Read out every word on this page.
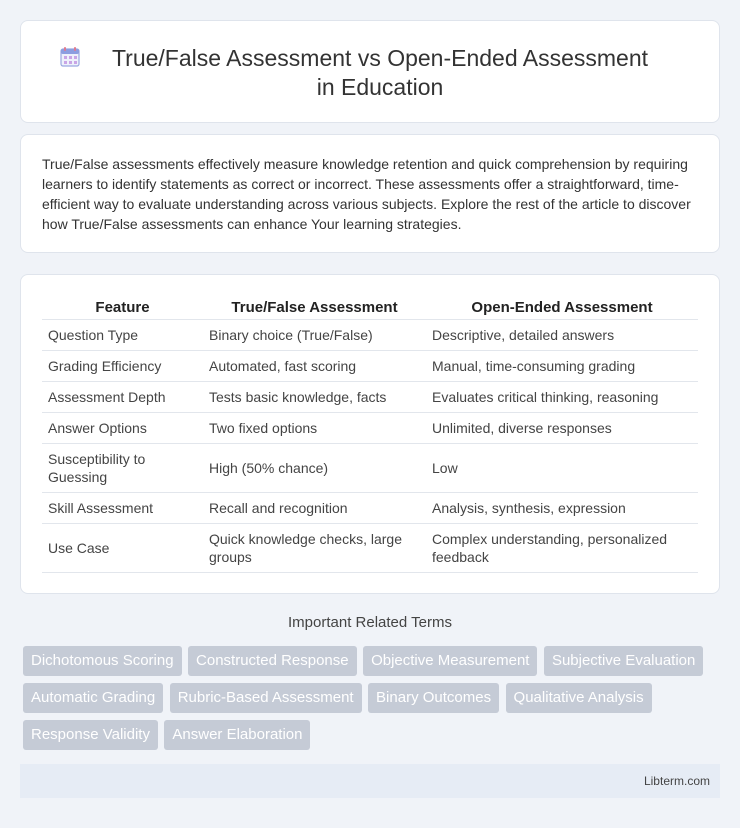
True/False Assessment vs Open-Ended Assessment in Education

True/False assessments effectively measure knowledge retention and quick comprehension by requiring learners to identify statements as correct or incorrect. These assessments offer a straightforward, time-efficient way to evaluate understanding across various subjects. Explore the rest of the article to discover how True/False assessments can enhance Your learning strategies.

Feature	True/False Assessment	Open-Ended Assessment
Question Type	Binary choice (True/False)	Descriptive, detailed answers
Grading Efficiency	Automated, fast scoring	Manual, time-consuming grading
Assessment Depth	Tests basic knowledge, facts	Evaluates critical thinking, reasoning
Answer Options	Two fixed options	Unlimited, diverse responses
Susceptibility to Guessing	High (50% chance)	Low
Skill Assessment	Recall and recognition	Analysis, synthesis, expression
Use Case	Quick knowledge checks, large groups	Complex understanding, personalized feedback
Important Related Terms
Dichotomous Scoring Constructed Response Objective Measurement Subjective Evaluation Automatic Grading Rubric-Based Assessment Binary Outcomes Qualitative Analysis Response Validity Answer Elaboration
Libterm.com
